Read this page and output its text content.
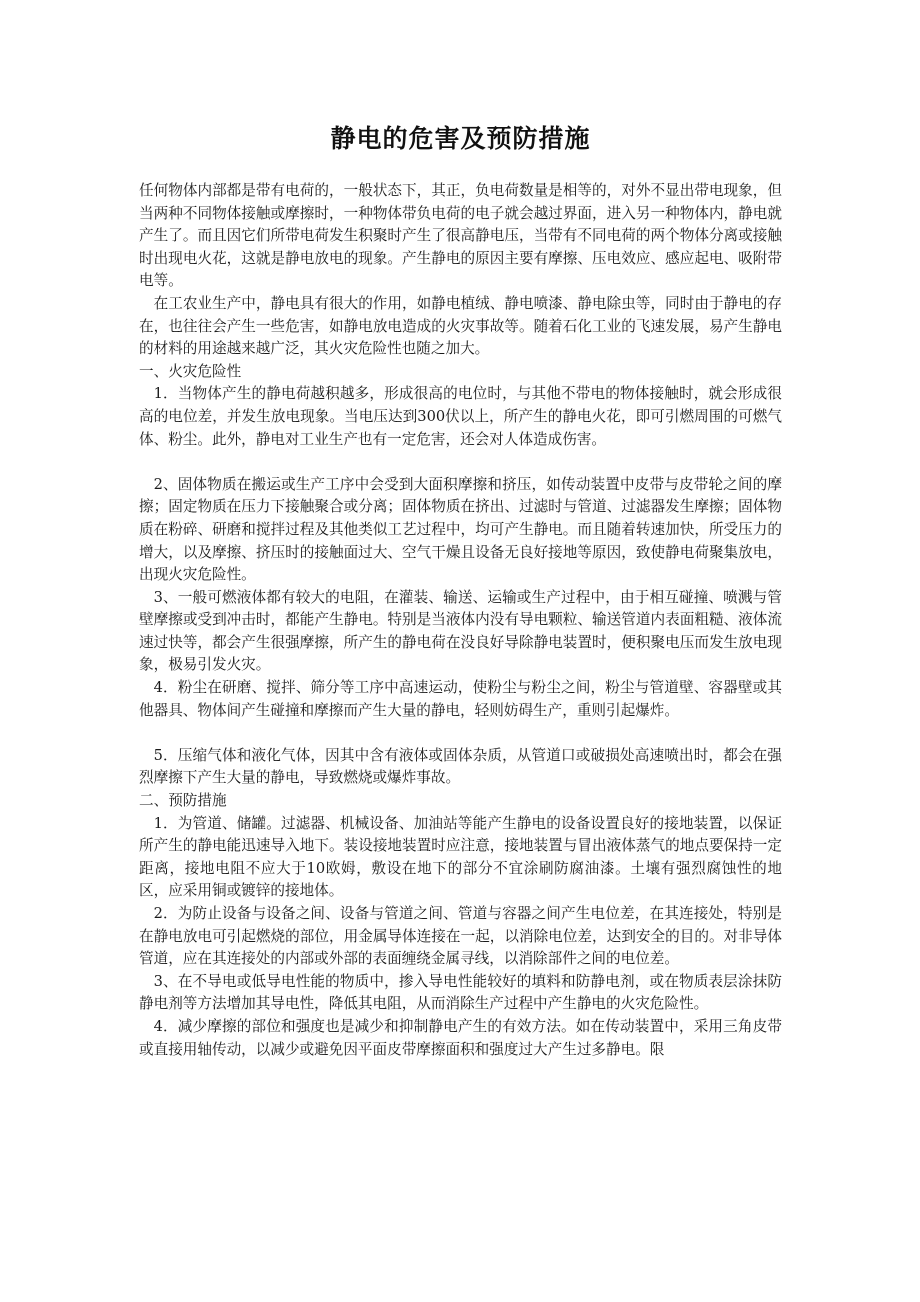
静电的危害及预防措施

任何物体内部都是带有电荷的，一般状态下，其正，负电荷数量是相等的，对外不显出带电现象，但当两种不同物体接触或摩擦时，一种物体带负电荷的电子就会越过界面，进入另一种物体内，静电就产生了。而且因它们所带电荷发生积聚时产生了很高静电压，当带有不同电荷的两个物体分离或接触时出现电火花，这就是静电放电的现象。产生静电的原因主要有摩擦、压电效应、感应起电、吸附带电等。

在工农业生产中，静电具有很大的作用，如静电植绒、静电喷漆、静电除虫等，同时由于静电的存在，也往往会产生一些危害，如静电放电造成的火灾事故等。随着石化工业的飞速发展，易产生静电的材料的用途越来越广泛，其火灾危险性也随之加大。

一、火灾危险性

1．当物体产生的静电荷越积越多，形成很高的电位时，与其他不带电的物体接触时，就会形成很高的电位差，并发生放电现象。当电压达到300伏以上，所产生的静电火花，即可引燃周围的可燃气体、粉尘。此外，静电对工业生产也有一定危害，还会对人体造成伤害。

2、固体物质在搬运或生产工序中会受到大面积摩擦和挤压，如传动装置中皮带与皮带轮之间的摩擦；固定物质在压力下接触聚合或分离；固体物质在挤出、过滤时与管道、过滤器发生摩擦；固体物质在粉碎、研磨和搅拌过程及其他类似工艺过程中，均可产生静电。而且随着转速加快，所受压力的增大，以及摩擦、挤压时的接触面过大、空气干燥且设备无良好接地等原因，致使静电荷聚集放电，出现火灾危险性。

3、一般可燃液体都有较大的电阻，在灌装、输送、运输或生产过程中，由于相互碰撞、喷溅与管壁摩擦或受到冲击时，都能产生静电。特别是当液体内没有导电颗粒、输送管道内表面粗糙、液体流速过快等，都会产生很强摩擦，所产生的静电荷在没良好导除静电装置时，便积聚电压而发生放电现象，极易引发火灾。

4．粉尘在研磨、搅拌、筛分等工序中高速运动，使粉尘与粉尘之间，粉尘与管道壁、容器壁或其他器具、物体间产生碰撞和摩擦而产生大量的静电，轻则妨碍生产，重则引起爆炸。

5．压缩气体和液化气体，因其中含有液体或固体杂质，从管道口或破损处高速喷出时，都会在强烈摩擦下产生大量的静电，导致燃烧或爆炸事故。

二、预防措施

1．为管道、储罐。过滤器、机械设备、加油站等能产生静电的设备设置良好的接地装置，以保证所产生的静电能迅速导入地下。装设接地装置时应注意，接地装置与冒出液体蒸气的地点要保持一定距离，接地电阻不应大于10欧姆，敷设在地下的部分不宜涂刷防腐油漆。土壤有强烈腐蚀性的地区，应采用铜或镀锌的接地体。

2．为防止设备与设备之间、设备与管道之间、管道与容器之间产生电位差，在其连接处，特别是在静电放电可引起燃烧的部位，用金属导体连接在一起，以消除电位差，达到安全的目的。对非导体管道，应在其连接处的内部或外部的表面缠绕金属寻线，以消除部件之间的电位差。

3、在不导电或低导电性能的物质中，掺入导电性能较好的填料和防静电剂，或在物质表层涂抹防静电剂等方法增加其导电性，降低其电阻，从而消除生产过程中产生静电的火灾危险性。

4．减少摩擦的部位和强度也是减少和抑制静电产生的有效方法。如在传动装置中，采用三角皮带或直接用轴传动，以减少或避免因平面皮带摩擦面积和强度过大产生过多静电。限
